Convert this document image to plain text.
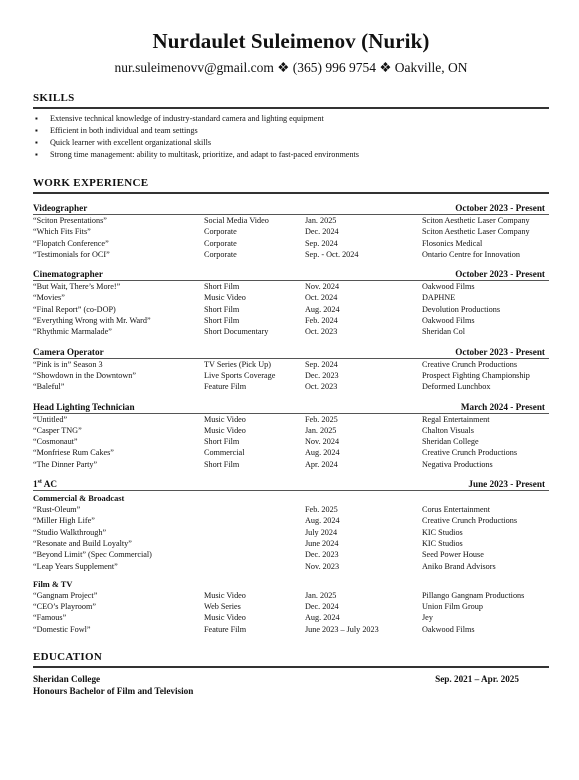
Nurdaulet Suleimenov (Nurik)
nur.suleimenovv@gmail.com ❖ (365) 996 9754 ❖ Oakville, ON
SKILLS
▪ Extensive technical knowledge of industry-standard camera and lighting equipment
▪ Efficient in both individual and team settings
▪ Quick learner with excellent organizational skills
▪ Strong time management: ability to multitask, prioritize, and adapt to fast-paced environments
WORK EXPERIENCE
Videographer	October 2023 - Present
“Sciton Presentations”	Social Media Video	Jan. 2025	Sciton Aesthetic Laser Company
“Which Fits Fits”	Corporate	Dec. 2024	Sciton Aesthetic Laser Company
“Flopatch Conference”	Corporate	Sep. 2024	Flosonics Medical
“Testimonials for OCI”	Corporate	Sep. - Oct. 2024	Ontario Centre for Innovation
Cinematographer	October 2023 - Present
“But Wait, There’s More!”	Short Film	Nov. 2024	Oakwood Films
“Movies”	Music Video	Oct. 2024	DAPHNE
“Final Report” (co-DOP)	Short Film	Aug. 2024	Devolution Productions
“Everything Wrong with Mr. Ward”	Short Film	Feb. 2024	Oakwood Films
“Rhythmic Marmalade”	Short Documentary	Oct. 2023	Sheridan Col
Camera Operator	October 2023 - Present
“Pink is in” Season 3	TV Series (Pick Up)	Sep. 2024	Creative Crunch Productions
“Showdown in the Downtown”	Live Sports Coverage	Dec. 2023	Prospect Fighting Championship
“Baleful”	Feature Film	Oct. 2023	Deformed Lunchbox
Head Lighting Technician	March 2024 - Present
“Untitled”	Music Video	Feb. 2025	Regal Entertainment
“Casper TNG”	Music Video	Jan. 2025	Chalton Visuals
“Cosmonaut”	Short Film	Nov. 2024	Sheridan College
“Monfriese Rum Cakes”	Commercial	Aug. 2024	Creative Crunch Productions
“The Dinner Party”	Short Film	Apr. 2024	Negativa Productions
1st AC	June 2023 - Present
Commercial & Broadcast
“Rust-Oleum”	Feb. 2025	Corus Entertainment
“Miller High Life”	Aug. 2024	Creative Crunch Productions
“Studio Walkthrough”	July 2024	KIC Studios
“Resonate and Build Loyalty”	June 2024	KIC Studios
“Beyond Limit” (Spec Commercial)	Dec. 2023	Seed Power House
“Leap Years Supplement”	Nov. 2023	Aniko Brand Advisors
Film & TV
“Gangnam Project”	Music Video	Jan. 2025	Pillango Gangnam Productions
“CEO’s Playroom”	Web Series	Dec. 2024	Union Film Group
“Famous”	Music Video	Aug. 2024	Jey
“Domestic Fowl”	Feature Film	June 2023 – July 2023	Oakwood Films
EDUCATION
Sheridan College	Sep. 2021 – Apr. 2025
Honours Bachelor of Film and Television
